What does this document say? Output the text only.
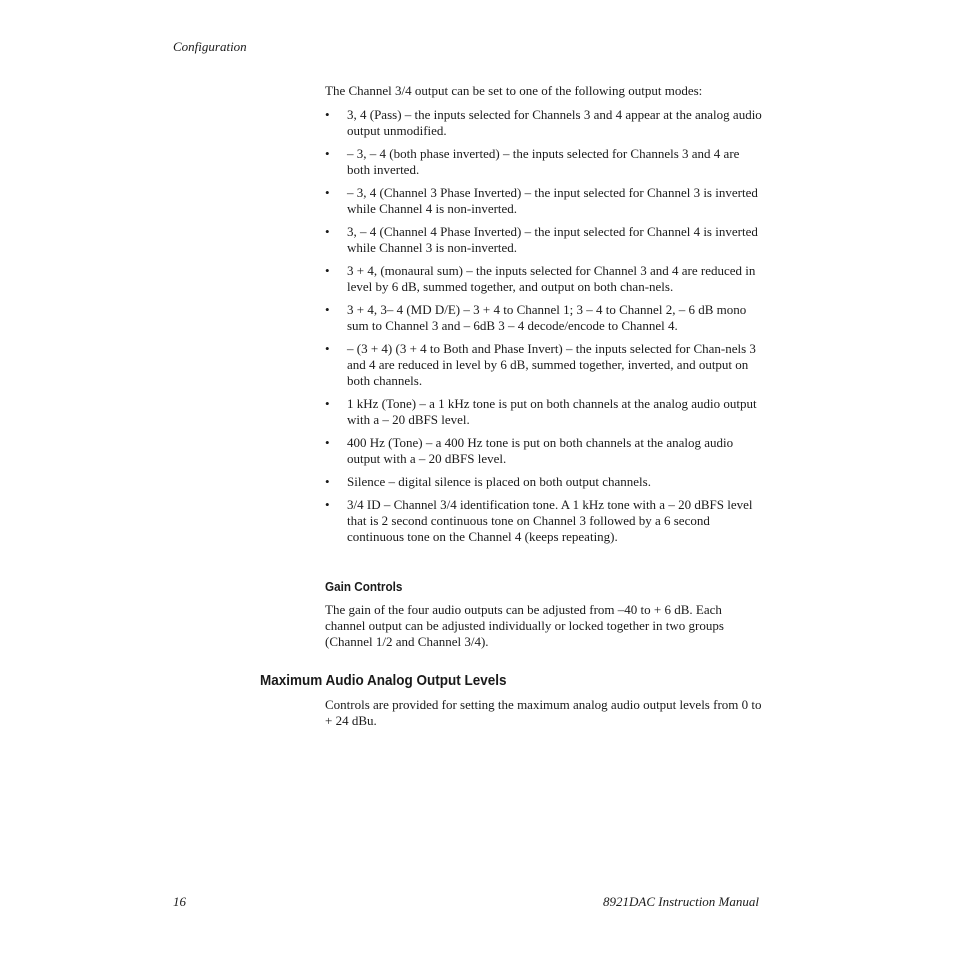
Configuration

The Channel 3/4 output can be set to one of the following output modes:

• 3, 4 (Pass) – the inputs selected for Channels 3 and 4 appear at the analog audio output unmodified.
• – 3, – 4 (both phase inverted) – the inputs selected for Channels 3 and 4 are both inverted.
• – 3, 4 (Channel 3 Phase Inverted) – the input selected for Channel 3 is inverted while Channel 4 is non-inverted.
• 3, – 4 (Channel 4 Phase Inverted) – the input selected for Channel 4 is inverted while Channel 3 is non-inverted.
• 3 + 4, (monaural sum) – the inputs selected for Channel 3 and 4 are reduced in level by 6 dB, summed together, and output on both chan-nels.
• 3 + 4, 3– 4 (MD D/E) – 3 + 4 to Channel 1; 3 – 4 to Channel 2, – 6 dB mono sum to Channel 3 and – 6dB 3 – 4 decode/encode to Channel 4.
• – (3 + 4) (3 + 4 to Both and Phase Invert) – the inputs selected for Chan-nels 3 and 4 are reduced in level by 6 dB, summed together, inverted, and output on both channels.
• 1 kHz (Tone) – a 1 kHz tone is put on both channels at the analog audio output with a – 20 dBFS level.
• 400 Hz (Tone) – a 400 Hz tone is put on both channels at the analog audio output with a – 20 dBFS level.
• Silence – digital silence is placed on both output channels.
• 3/4 ID – Channel 3/4 identification tone. A 1 kHz tone with a – 20 dBFS level that is 2 second continuous tone on Channel 3 followed by a 6 second continuous tone on the Channel 4 (keeps repeating).
Gain Controls

The gain of the four audio outputs can be adjusted from –40 to + 6 dB. Each channel output can be adjusted individually or locked together in two groups (Channel 1/2 and Channel 3/4).

Maximum Audio Analog Output Levels

Controls are provided for setting the maximum analog audio output levels from 0 to + 24 dBu.

16	8921DAC Instruction Manual
